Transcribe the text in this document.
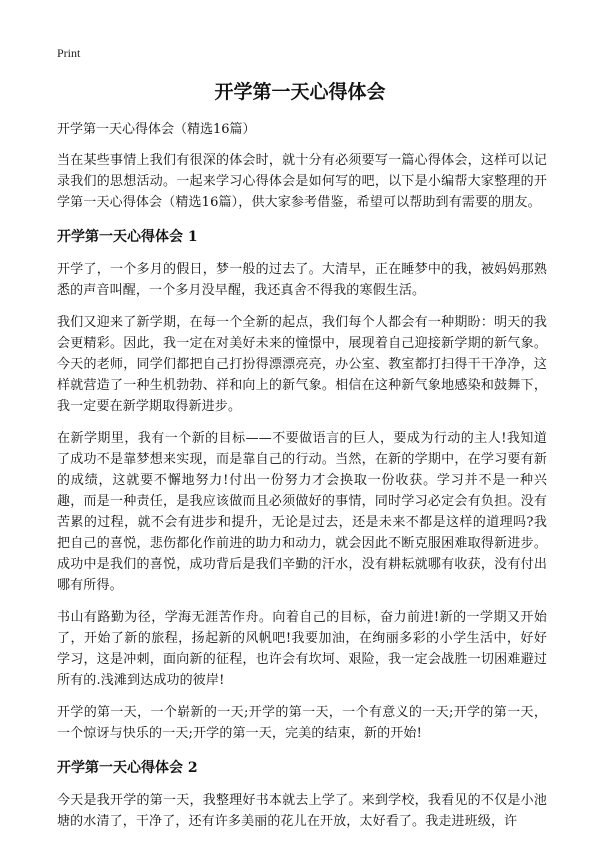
Print
开学第一天心得体会
开学第一天心得体会（精选16篇）

当在某些事情上我们有很深的体会时，就十分有必须要写一篇心得体会，这样可以记录我们的思想活动。一起来学习心得体会是如何写的吧，以下是小编帮大家整理的开学第一天心得体会（精选16篇），供大家参考借鉴，希望可以帮助到有需要的朋友。

开学第一天心得体会 1

开学了，一个多月的假日，梦一般的过去了。大清早，正在睡梦中的我，被妈妈那熟悉的声音叫醒，一个多月没早醒，我还真舍不得我的寒假生活。

我们又迎来了新学期，在每一个全新的起点，我们每个人都会有一种期盼：明天的我会更精彩。因此，我一定在对美好未来的憧憬中，展现着自己迎接新学期的新气象。今天的老师，同学们都把自己打扮得漂漂亮亮，办公室、教室都打扫得干干净净，这样就营造了一种生机勃勃、祥和向上的新气象。相信在这种新气象地感染和鼓舞下，我一定要在新学期取得新进步。

在新学期里，我有一个新的目标——不要做语言的巨人，要成为行动的主人!我知道了成功不是靠梦想来实现，而是靠自己的行动。当然，在新的学期中，在学习要有新的成绩，这就要不懈地努力!付出一份努力才会换取一份收获。学习并不是一种兴趣，而是一种责任，是我应该做而且必须做好的事情，同时学习必定会有负担。没有苦累的过程，就不会有进步和提升，无论是过去，还是未来不都是这样的道理吗?我把自己的喜悦，悲伤都化作前进的助力和动力，就会因此不断克服困难取得新进步。成功中是我们的喜悦，成功背后是我们辛勤的汗水，没有耕耘就哪有收获，没有付出哪有所得。

书山有路勤为径，学海无涯苦作舟。向着自己的目标，奋力前进!新的一学期又开始了，开始了新的旅程，扬起新的风帆吧!我要加油，在绚丽多彩的小学生活中，好好学习，这是冲刺，面向新的征程，也许会有坎坷、艰险，我一定会战胜一切困难避过所有的.浅滩到达成功的彼岸!

开学的第一天，一个崭新的一天;开学的第一天，一个有意义的一天;开学的第一天，一个惊讶与快乐的一天;开学的第一天，完美的结束，新的开始!

开学第一天心得体会 2

今天是我开学的第一天，我整理好书本就去上学了。来到学校，我看见的不仅是小池塘的水清了，干净了，还有许多美丽的花儿在开放，太好看了。我走进班级，许
